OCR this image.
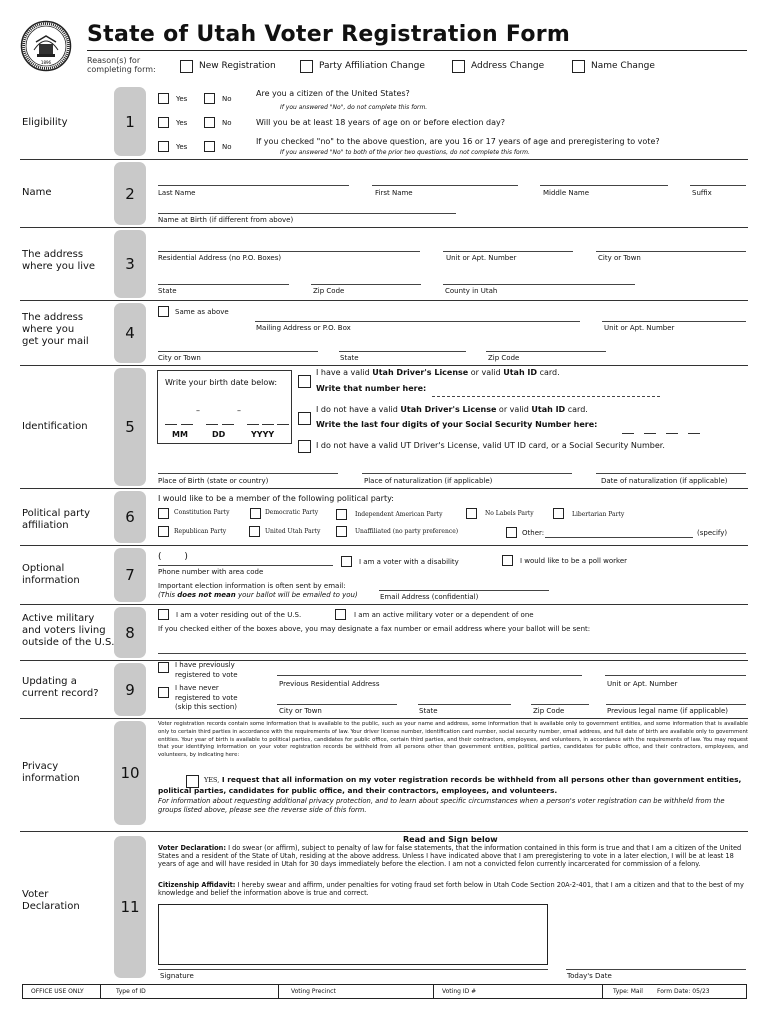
1896
State of Utah Voter Registration Form
Reason(s) for
completing form:	New Registration	Party Affiliation Change	Address Change	Name Change
1
2
3
4
5
6
7
8
9
10
11
Eligibility
Name
The address
where you live
The address
where you
get your mail
Identification
Political party
affiliation
Optional
information
Active military
and voters living
outside of the U.S.
Updating a
current record?
Privacy
information
Voter
Declaration
Yes	No
Are you a citizen of the United States?
If you answered "No", do not complete this form.
Yes	No	Will you be at least 18 years of age on or before election day?
Yes	No
If you checked "no" to the above question, are you 16 or 17 years of age and preregistering to vote?
If you answered "No" to both of the prior two questions, do not complete this form.
Last Name	First Name	Middle Name	Suffix
Name at Birth (if different from above)
Residential Address (no P.O. Boxes)	Unit or Apt. Number	City or Town
State	Zip Code	County in Utah
Same as above
Mailing Address or P.O. Box	Unit or Apt. Number
City or Town	State	Zip Code
Write your birth date below:
–	–
MM	DD	YYYY
I have a valid Utah Driver's License or valid Utah ID card.
Write that number here:
I do not have a valid Utah Driver's License or valid Utah ID card.
Write the last four digits of your Social Security Number here:
I do not have a valid UT Driver's License, valid UT ID card, or a Social Security Number.
Place of Birth (state or country)	Place of naturalization (if applicable)	Date of naturalization (if applicable)
I would like to be a member of the following political party:
Constitution Party	Democratic Party	Independent American Party	No Labels Party	Libertarian Party
Republican Party	United Utah Party	Unaffiliated (no party preference)	Other:	(specify)
(        )
Phone number with area code
I am a voter with a disability	I would like to be a poll worker
Important election information is often sent by email:
(This does not mean your ballot will be emailed to you)	Email Address (confidential)
I am a voter residing out of the U.S.	I am an active military voter or a dependent of one
If you checked either of the boxes above, you may designate a fax number or email address where your ballot will be sent:
I have previously
registered to vote
I have never
registered to vote
(skip this section)
Previous Residential Address	Unit or Apt. Number
City or Town	State	Zip Code	Previous legal name (if applicable)
Voter registration records contain some information that is available to the public, such as your name and address, some information that is available only to government entities, and some information that is available only to certain third parties in accordance with the requirements of law. Your driver license number, identification card number, social security number, email address, and full date of birth are available only to government entities. Your year of birth is available to political parties, candidates for public office, certain third parties, and their contractors, employees, and volunteers, in accordance with the requirements of law. You may request that your identifying information on your voter registration records be withheld from all persons other than government entities, political parties, candidates for public office, and their contractors, employees, and volunteers, by indicating here:
YES, I request that all information on my voter registration records be withheld from all persons other than government entities, political parties, candidates for public office, and their contractors, employees, and volunteers.
For information about requesting additional privacy protection, and to learn about specific circumstances when a person's voter registration can be withheld from the groups listed above, please see the reverse side of this form.
Read and Sign below
Voter Declaration: I do swear (or affirm), subject to penalty of law for false statements, that the information contained in this form is true and that I am a citizen of the United States and a resident of the State of Utah, residing at the above address. Unless I have indicated above that I am preregistering to vote in a later election, I will be at least 18 years of age and will have resided in Utah for 30 days immediately before the election. I am not a convicted felon currently incarcerated for commission of a felony.
Citizenship Affidavit: I hereby swear and affirm, under penalties for voting fraud set forth below in Utah Code Section 20A-2-401, that I am a citizen and that to the best of my knowledge and belief the information above is true and correct.
Signature	Today's Date
OFFICE USE ONLY	Type of ID	Voting Precinct	Voting ID #	Type: Mail Form Date: 05/23
